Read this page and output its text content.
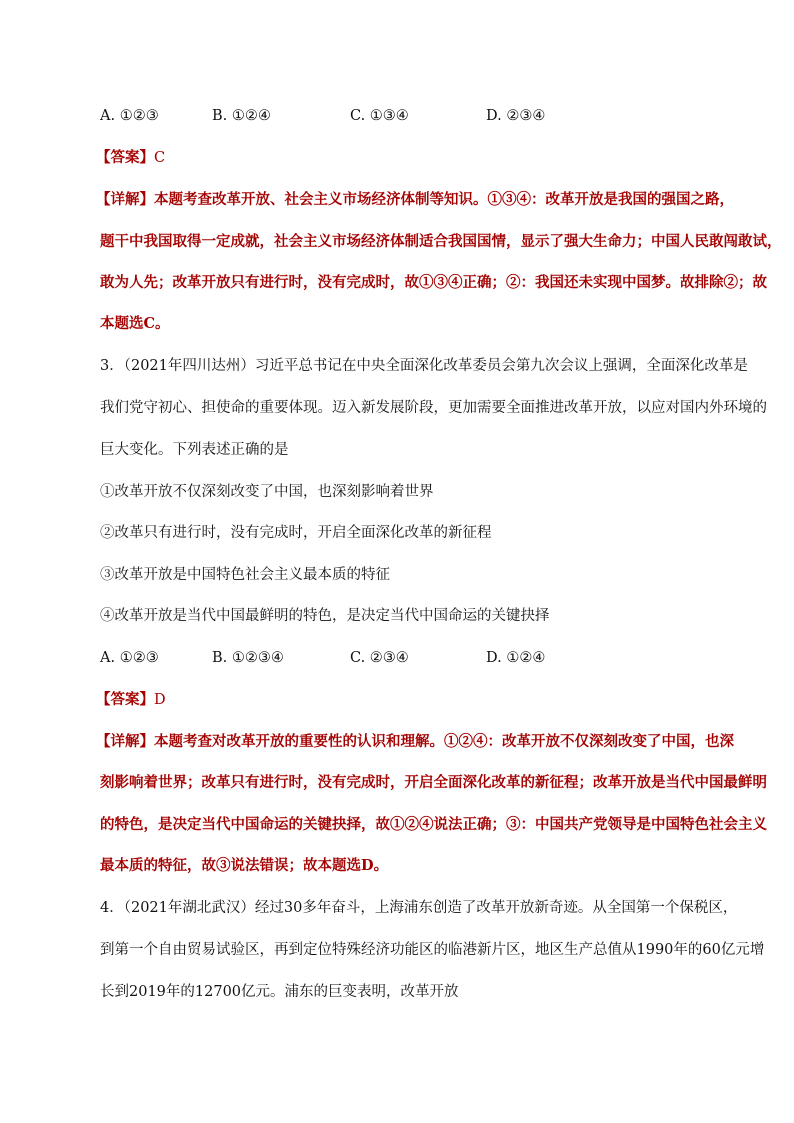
A. ①②③	B. ①②④	C. ①③④	D. ②③④
【答案】C
【详解】本题考查改革开放、社会主义市场经济体制等知识。①③④：改革开放是我国的强国之路，
题干中我国取得一定成就，社会主义市场经济体制适合我国国情，显示了强大生命力；中国人民敢闯敢试，
敢为人先；改革开放只有进行时，没有完成时，故①③④正确；②：我国还未实现中国梦。故排除②；故
本题选C。
3．（2021年四川达州）习近平总书记在中央全面深化改革委员会第九次会议上强调，全面深化改革是
我们党守初心、担使命的重要体现。迈入新发展阶段，更加需要全面推进改革开放，以应对国内外环境的
巨大变化。下列表述正确的是
①改革开放不仅深刻改变了中国，也深刻影响着世界
②改革只有进行时，没有完成时，开启全面深化改革的新征程
③改革开放是中国特色社会主义最本质的特征
④改革开放是当代中国最鲜明的特色，是决定当代中国命运的关键抉择
A. ①②③	B. ①②③④	C. ②③④	D. ①②④
【答案】D
【详解】本题考查对改革开放的重要性的认识和理解。①②④：改革开放不仅深刻改变了中国，也深
刻影响着世界；改革只有进行时，没有完成时，开启全面深化改革的新征程；改革开放是当代中国最鲜明
的特色，是决定当代中国命运的关键抉择，故①②④说法正确；③：中国共产党领导是中国特色社会主义
最本质的特征，故③说法错误；故本题选D。
4．（2021年湖北武汉）经过30多年奋斗，上海浦东创造了改革开放新奇迹。从全国第一个保税区，
到第一个自由贸易试验区，再到定位特殊经济功能区的临港新片区，地区生产总值从1990年的60亿元增
长到2019年的12700亿元。浦东的巨变表明，改革开放
